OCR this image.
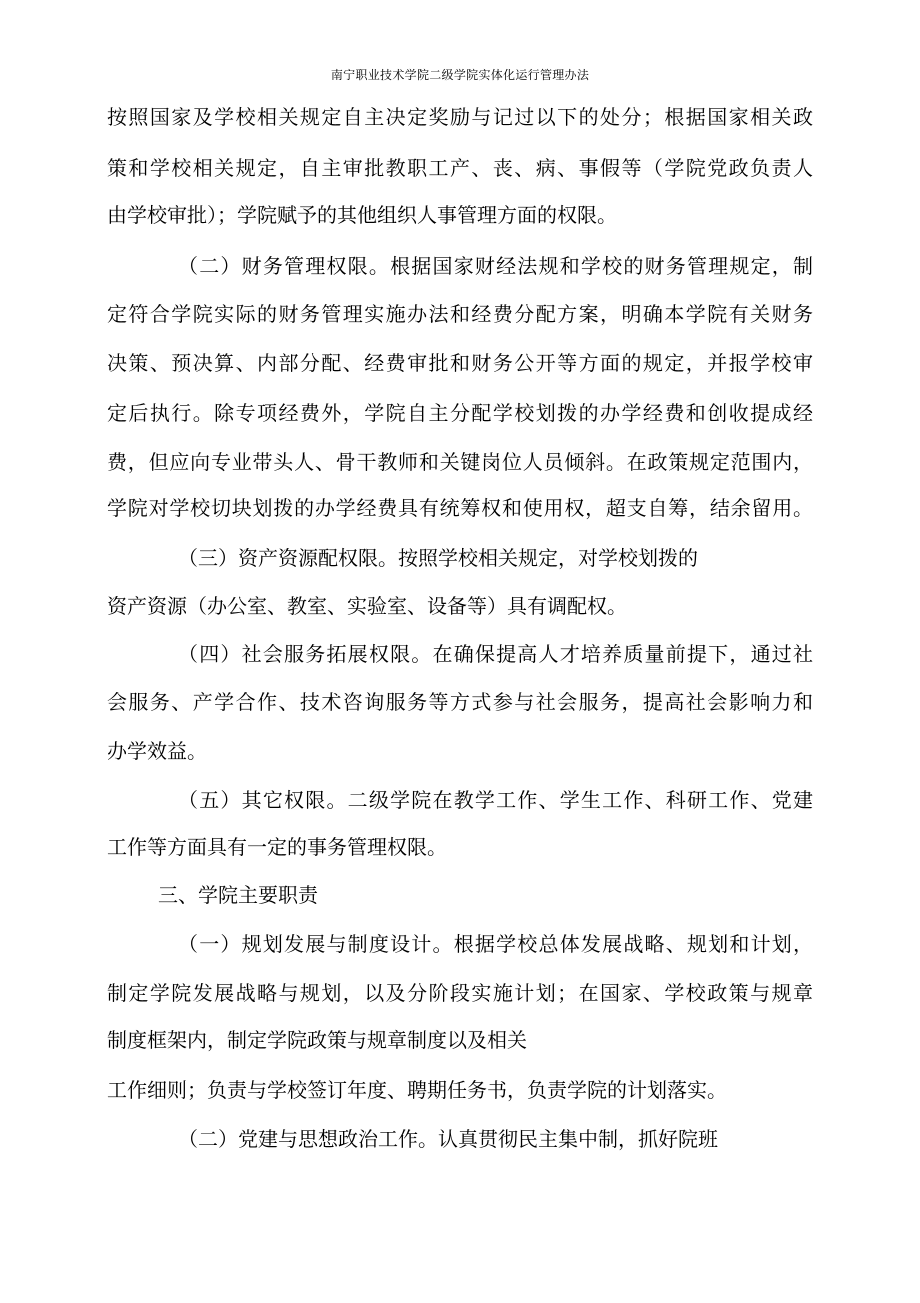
南宁职业技术学院二级学院实体化运行管理办法
按照国家及学校相关规定自主决定奖励与记过以下的处分；根据国家相关政
策和学校相关规定，自主审批教职工产、丧、病、事假等（学院党政负责人
由学校审批）；学院赋予的其他组织人事管理方面的权限。
（二）财务管理权限。根据国家财经法规和学校的财务管理规定，制
定符合学院实际的财务管理实施办法和经费分配方案，明确本学院有关财务
决策、预决算、内部分配、经费审批和财务公开等方面的规定，并报学校审
定后执行。除专项经费外，学院自主分配学校划拨的办学经费和创收提成经
费，但应向专业带头人、骨干教师和关键岗位人员倾斜。在政策规定范围内，
学院对学校切块划拨的办学经费具有统筹权和使用权，超支自筹，结余留用。
（三）资产资源配权限。按照学校相关规定，对学校划拨的
资产资源（办公室、教室、实验室、设备等）具有调配权。
（四）社会服务拓展权限。在确保提高人才培养质量前提下，通过社
会服务、产学合作、技术咨询服务等方式参与社会服务，提高社会影响力和
办学效益。
（五）其它权限。二级学院在教学工作、学生工作、科研工作、党建
工作等方面具有一定的事务管理权限。
三、学院主要职责
（一）规划发展与制度设计。根据学校总体发展战略、规划和计划，
制定学院发展战略与规划，以及分阶段实施计划；在国家、学校政策与规章
制度框架内，制定学院政策与规章制度以及相关
工作细则；负责与学校签订年度、聘期任务书，负责学院的计划落实。
（二）党建与思想政治工作。认真贯彻民主集中制，抓好院班
